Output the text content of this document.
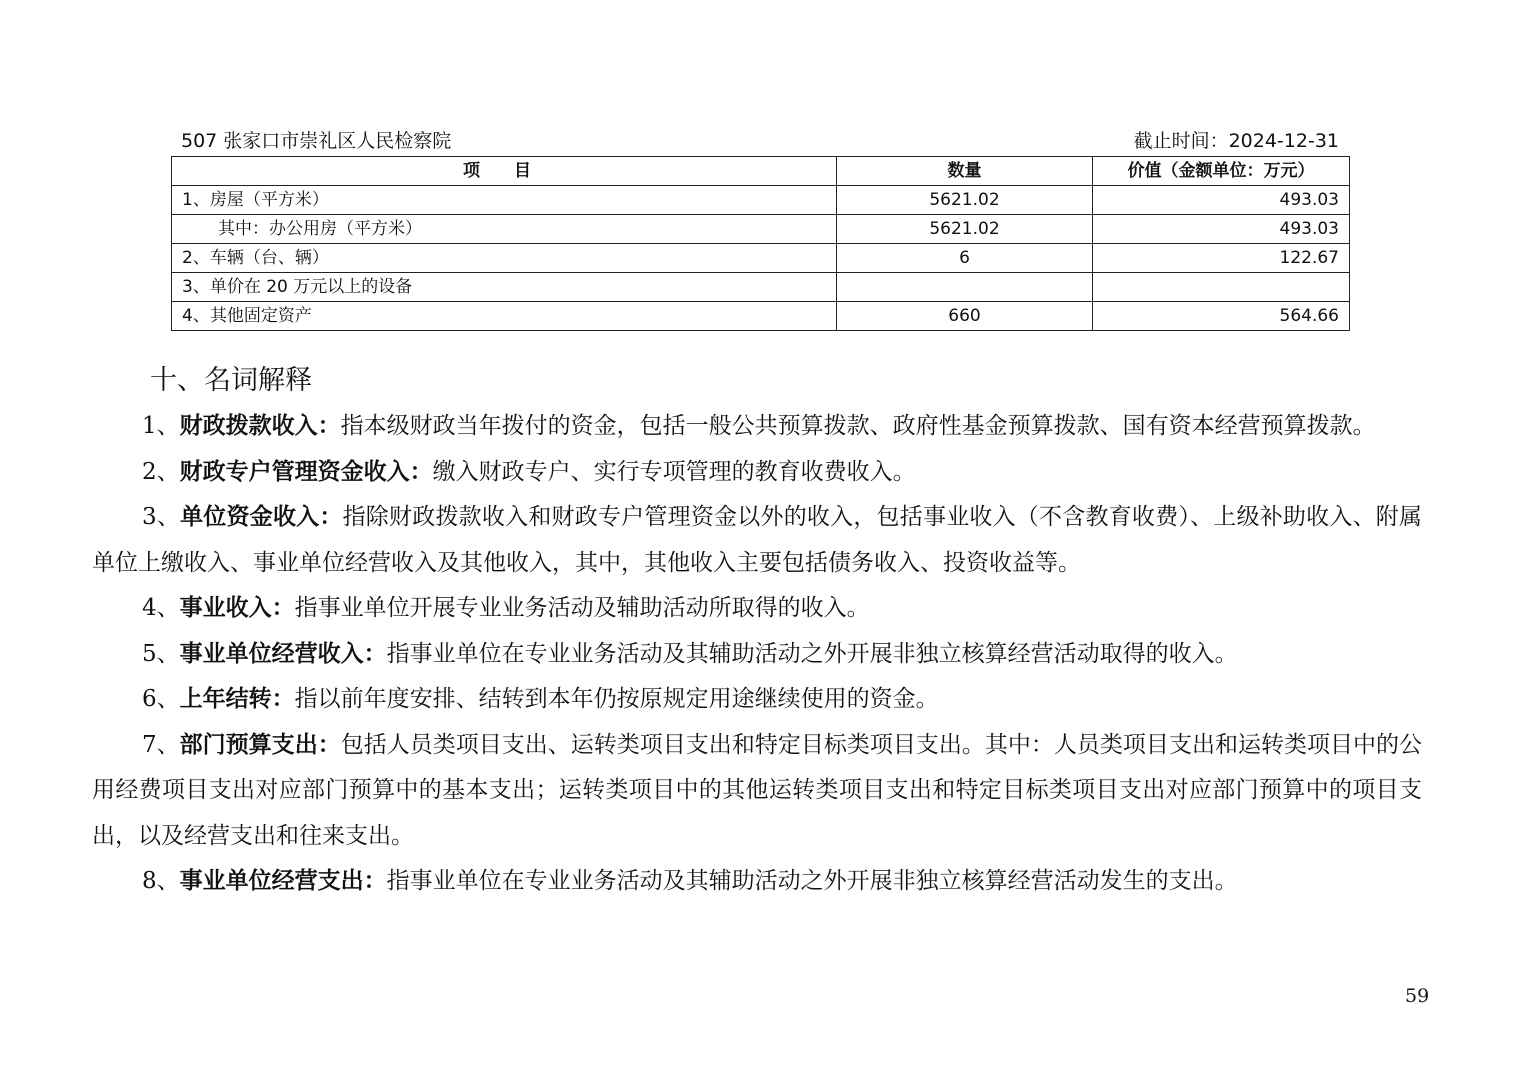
507 张家口市崇礼区人民检察院	截止时间：2024-12-31
项 目	数量	价值（金额单位：万元）
1、房屋（平方米）	5621.02	493.03
其中：办公用房（平方米）	5621.02	493.03
2、车辆（台、辆）	6	122.67
3、单价在 20 万元以上的设备		
4、其他固定资产	660	564.66
十、名词解释

1、财政拨款收入：指本级财政当年拨付的资金，包括一般公共预算拨款、政府性基金预算拨款、国有资本经营预算拨款。

2、财政专户管理资金收入：缴入财政专户、实行专项管理的教育收费收入。

3、单位资金收入：指除财政拨款收入和财政专户管理资金以外的收入，包括事业收入（不含教育收费）、上级补助收入、附属单位上缴收入、事业单位经营收入及其他收入，其中，其他收入主要包括债务收入、投资收益等。

4、事业收入：指事业单位开展专业业务活动及辅助活动所取得的收入。

5、事业单位经营收入：指事业单位在专业业务活动及其辅助活动之外开展非独立核算经营活动取得的收入。

6、上年结转：指以前年度安排、结转到本年仍按原规定用途继续使用的资金。

7、部门预算支出：包括人员类项目支出、运转类项目支出和特定目标类项目支出。其中：人员类项目支出和运转类项目中的公用经费项目支出对应部门预算中的基本支出；运转类项目中的其他运转类项目支出和特定目标类项目支出对应部门预算中的项目支出，以及经营支出和往来支出。

8、事业单位经营支出：指事业单位在专业业务活动及其辅助活动之外开展非独立核算经营活动发生的支出。

59
